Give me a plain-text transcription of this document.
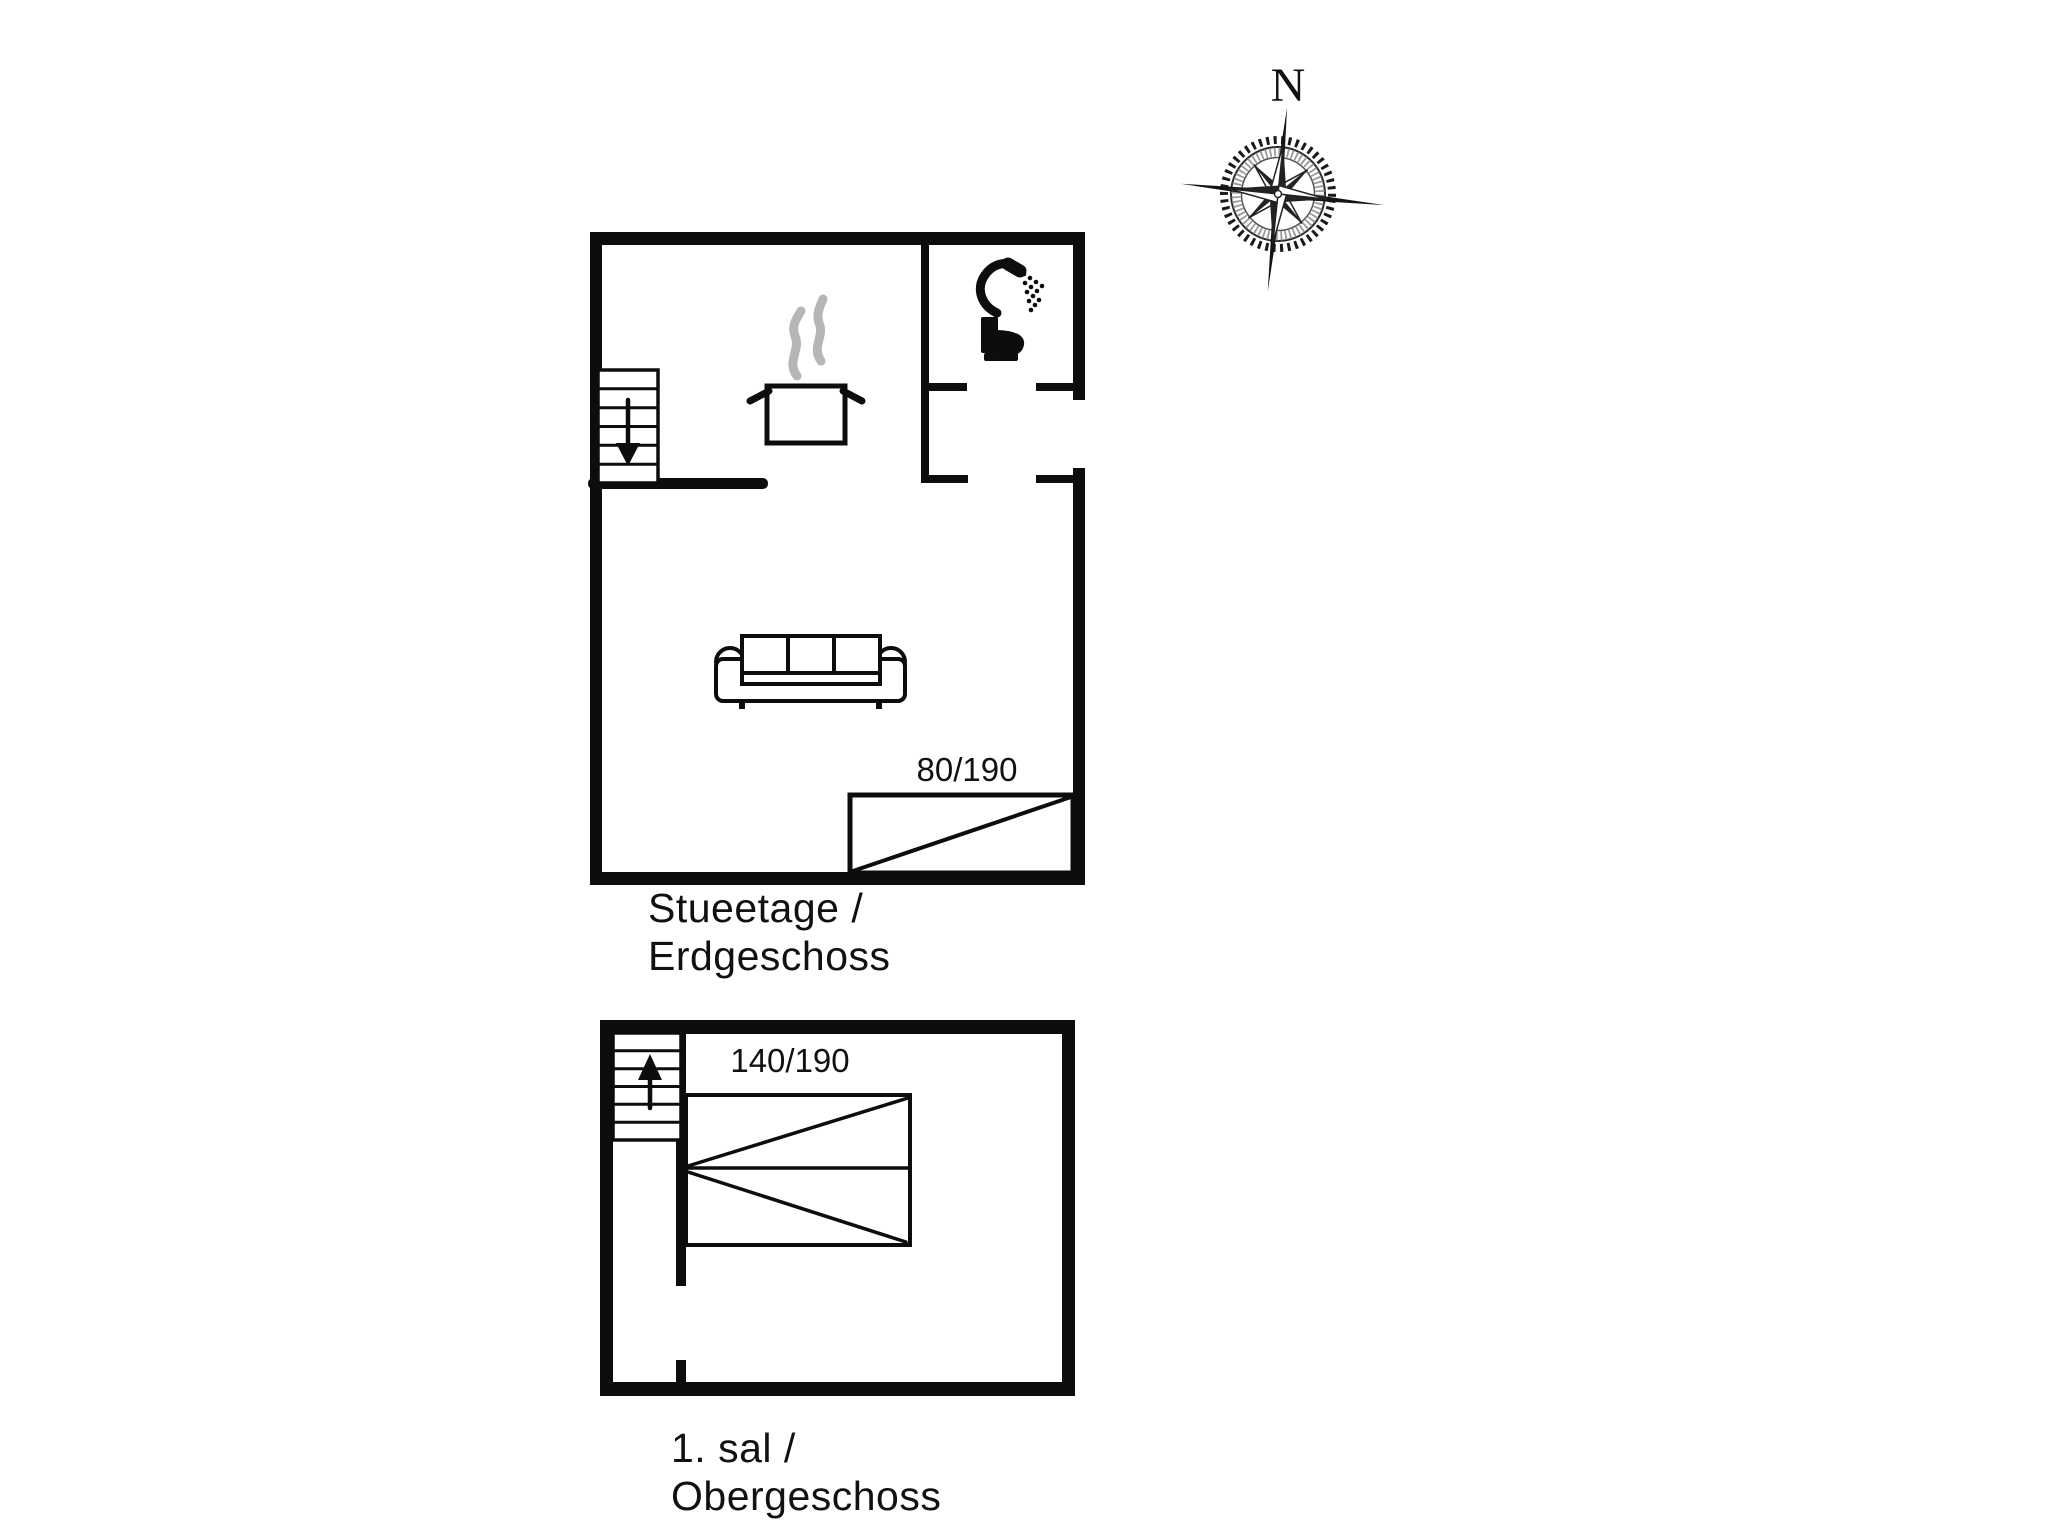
N
80/190
Stueetage /
Erdgeschoss
140/190
1. sal /
Obergeschoss
